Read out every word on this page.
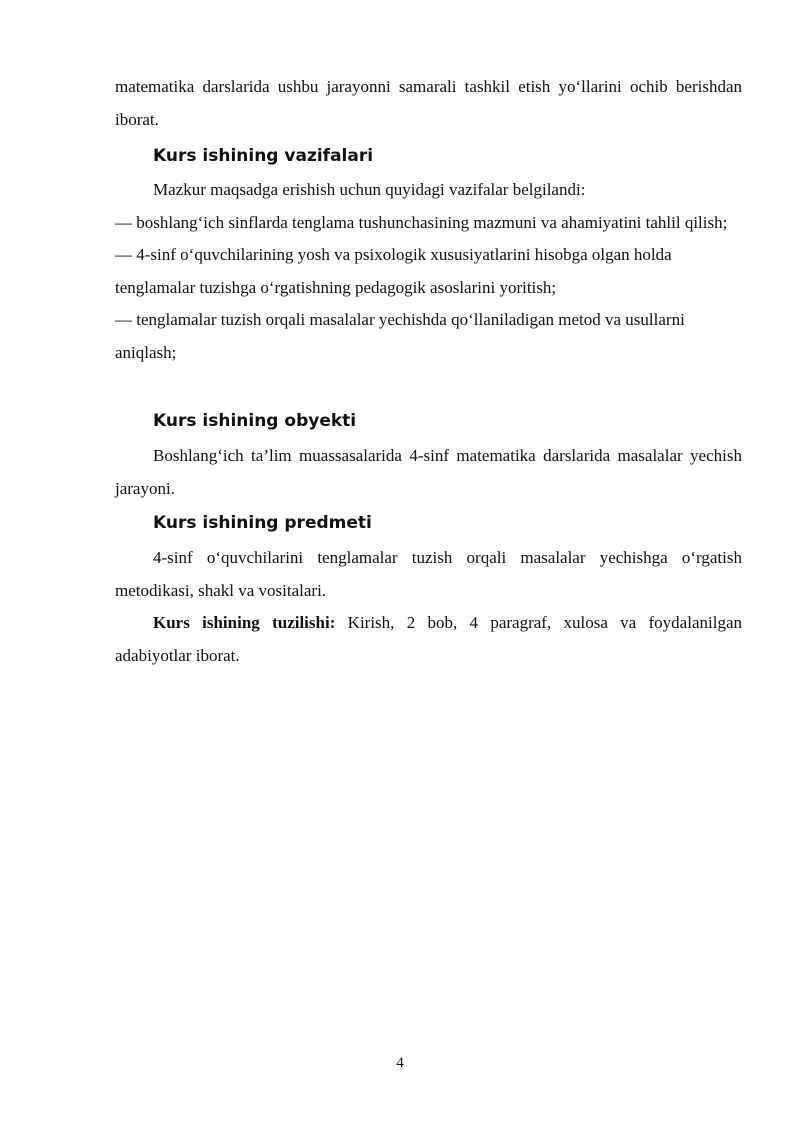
matematika darslarida ushbu jarayonni samarali tashkil etish yo‘llarini ochib berishdan iborat.

Kurs ishining vazifalari

Mazkur maqsadga erishish uchun quyidagi vazifalar belgilandi:

— boshlang‘ich sinflarda tenglama tushunchasining mazmuni va ahamiyatini tahlil qilish;

— 4-sinf o‘quvchilarining yosh va psixologik xususiyatlarini hisobga olgan holda tenglamalar tuzishga o‘rgatishning pedagogik asoslarini yoritish;

— tenglamalar tuzish orqali masalalar yechishda qo‘llaniladigan metod va usullarni aniqlash;

Kurs ishining obyekti

Boshlang‘ich ta’lim muassasalarida 4-sinf matematika darslarida masalalar yechish jarayoni.

Kurs ishining predmeti

4-sinf o‘quvchilarini tenglamalar tuzish orqali masalalar yechishga o‘rgatish metodikasi, shakl va vositalari.

Kurs ishining tuzilishi: Kirish, 2 bob, 4 paragraf, xulosa va foydalanilgan adabiyotlar iborat.

4
